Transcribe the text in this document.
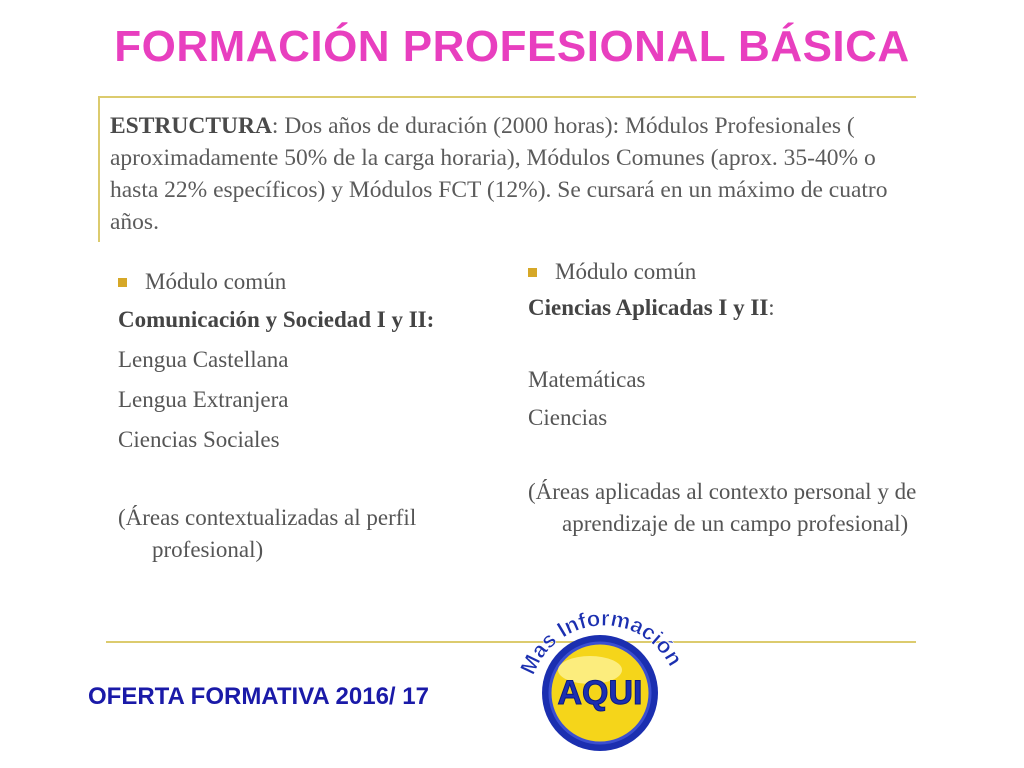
FORMACIÓN PROFESIONAL BÁSICA
ESTRUCTURA: Dos años de duración (2000 horas): Módulos Profesionales ( aproximadamente 50% de la carga horaria), Módulos Comunes (aprox. 35-40% o hasta 22% específicos) y Módulos FCT (12%). Se cursará en un máximo de cuatro años.
Módulo común
Comunicación y Sociedad I y II:
Lengua Castellana
Lengua Extranjera
Ciencias Sociales
(Áreas contextualizadas al perfil profesional)
Módulo común
Ciencias Aplicadas I y II:
Matemáticas
Ciencias
(Áreas aplicadas al contexto personal y de aprendizaje de un campo profesional)
OFERTA FORMATIVA 2016/ 17
Mas Información
AQUI
